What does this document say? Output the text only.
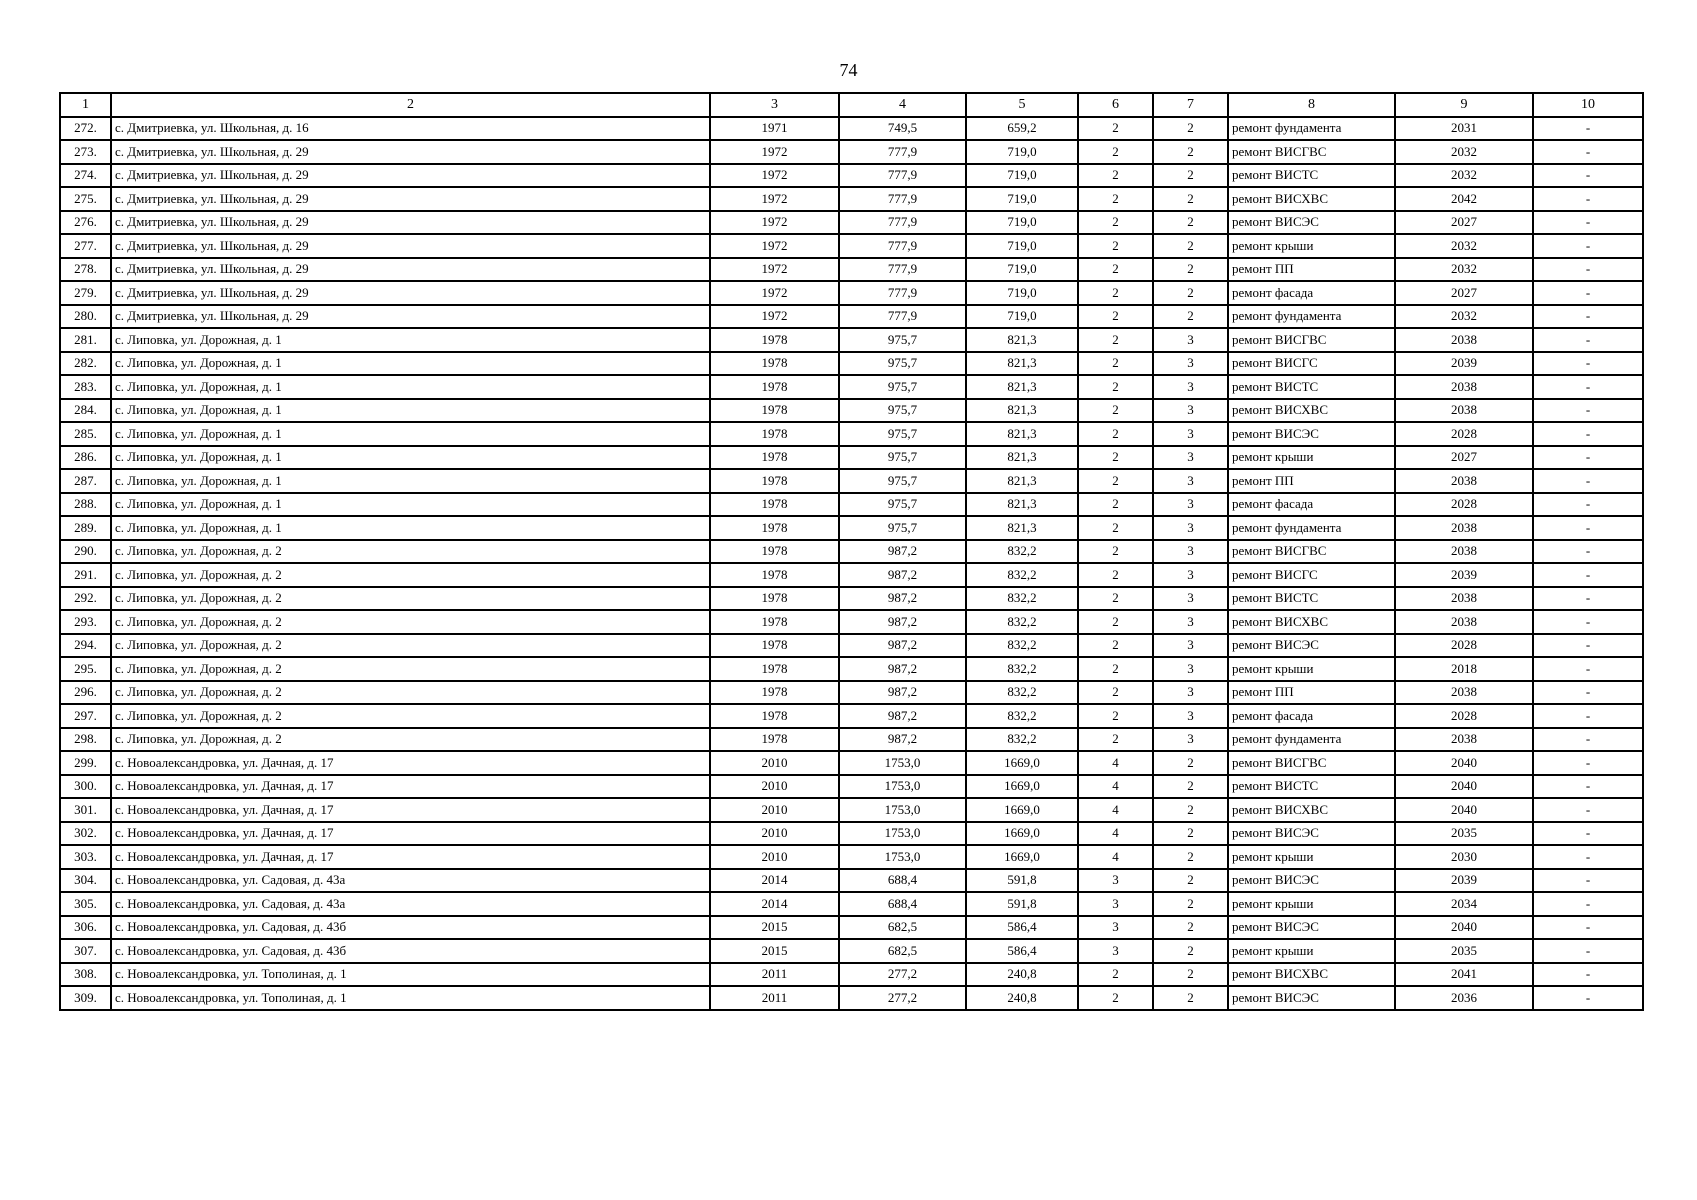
74
1	2	3	4	5	6	7	8	9	10
272.	с. Дмитриевка, ул. Школьная, д. 16	1971	749,5	659,2	2	2	ремонт фундамента	2031	-
273.	с. Дмитриевка, ул. Школьная, д. 29	1972	777,9	719,0	2	2	ремонт ВИСГВС	2032	-
274.	с. Дмитриевка, ул. Школьная, д. 29	1972	777,9	719,0	2	2	ремонт ВИСТС	2032	-
275.	с. Дмитриевка, ул. Школьная, д. 29	1972	777,9	719,0	2	2	ремонт ВИСХВС	2042	-
276.	с. Дмитриевка, ул. Школьная, д. 29	1972	777,9	719,0	2	2	ремонт ВИСЭС	2027	-
277.	с. Дмитриевка, ул. Школьная, д. 29	1972	777,9	719,0	2	2	ремонт крыши	2032	-
278.	с. Дмитриевка, ул. Школьная, д. 29	1972	777,9	719,0	2	2	ремонт ПП	2032	-
279.	с. Дмитриевка, ул. Школьная, д. 29	1972	777,9	719,0	2	2	ремонт фасада	2027	-
280.	с. Дмитриевка, ул. Школьная, д. 29	1972	777,9	719,0	2	2	ремонт фундамента	2032	-
281.	с. Липовка, ул. Дорожная, д. 1	1978	975,7	821,3	2	3	ремонт ВИСГВС	2038	-
282.	с. Липовка, ул. Дорожная, д. 1	1978	975,7	821,3	2	3	ремонт ВИСГС	2039	-
283.	с. Липовка, ул. Дорожная, д. 1	1978	975,7	821,3	2	3	ремонт ВИСТС	2038	-
284.	с. Липовка, ул. Дорожная, д. 1	1978	975,7	821,3	2	3	ремонт ВИСХВС	2038	-
285.	с. Липовка, ул. Дорожная, д. 1	1978	975,7	821,3	2	3	ремонт ВИСЭС	2028	-
286.	с. Липовка, ул. Дорожная, д. 1	1978	975,7	821,3	2	3	ремонт крыши	2027	-
287.	с. Липовка, ул. Дорожная, д. 1	1978	975,7	821,3	2	3	ремонт ПП	2038	-
288.	с. Липовка, ул. Дорожная, д. 1	1978	975,7	821,3	2	3	ремонт фасада	2028	-
289.	с. Липовка, ул. Дорожная, д. 1	1978	975,7	821,3	2	3	ремонт фундамента	2038	-
290.	с. Липовка, ул. Дорожная, д. 2	1978	987,2	832,2	2	3	ремонт ВИСГВС	2038	-
291.	с. Липовка, ул. Дорожная, д. 2	1978	987,2	832,2	2	3	ремонт ВИСГС	2039	-
292.	с. Липовка, ул. Дорожная, д. 2	1978	987,2	832,2	2	3	ремонт ВИСТС	2038	-
293.	с. Липовка, ул. Дорожная, д. 2	1978	987,2	832,2	2	3	ремонт ВИСХВС	2038	-
294.	с. Липовка, ул. Дорожная, д. 2	1978	987,2	832,2	2	3	ремонт ВИСЭС	2028	-
295.	с. Липовка, ул. Дорожная, д. 2	1978	987,2	832,2	2	3	ремонт крыши	2018	-
296.	с. Липовка, ул. Дорожная, д. 2	1978	987,2	832,2	2	3	ремонт ПП	2038	-
297.	с. Липовка, ул. Дорожная, д. 2	1978	987,2	832,2	2	3	ремонт фасада	2028	-
298.	с. Липовка, ул. Дорожная, д. 2	1978	987,2	832,2	2	3	ремонт фундамента	2038	-
299.	с. Новоалександровка, ул. Дачная, д. 17	2010	1753,0	1669,0	4	2	ремонт ВИСГВС	2040	-
300.	с. Новоалександровка, ул. Дачная, д. 17	2010	1753,0	1669,0	4	2	ремонт ВИСТС	2040	-
301.	с. Новоалександровка, ул. Дачная, д. 17	2010	1753,0	1669,0	4	2	ремонт ВИСХВС	2040	-
302.	с. Новоалександровка, ул. Дачная, д. 17	2010	1753,0	1669,0	4	2	ремонт ВИСЭС	2035	-
303.	с. Новоалександровка, ул. Дачная, д. 17	2010	1753,0	1669,0	4	2	ремонт крыши	2030	-
304.	с. Новоалександровка, ул. Садовая, д. 43а	2014	688,4	591,8	3	2	ремонт ВИСЭС	2039	-
305.	с. Новоалександровка, ул. Садовая, д. 43а	2014	688,4	591,8	3	2	ремонт крыши	2034	-
306.	с. Новоалександровка, ул. Садовая, д. 43б	2015	682,5	586,4	3	2	ремонт ВИСЭС	2040	-
307.	с. Новоалександровка, ул. Садовая, д. 43б	2015	682,5	586,4	3	2	ремонт крыши	2035	-
308.	с. Новоалександровка, ул. Тополиная, д. 1	2011	277,2	240,8	2	2	ремонт ВИСХВС	2041	-
309.	с. Новоалександровка, ул. Тополиная, д. 1	2011	277,2	240,8	2	2	ремонт ВИСЭС	2036	-
